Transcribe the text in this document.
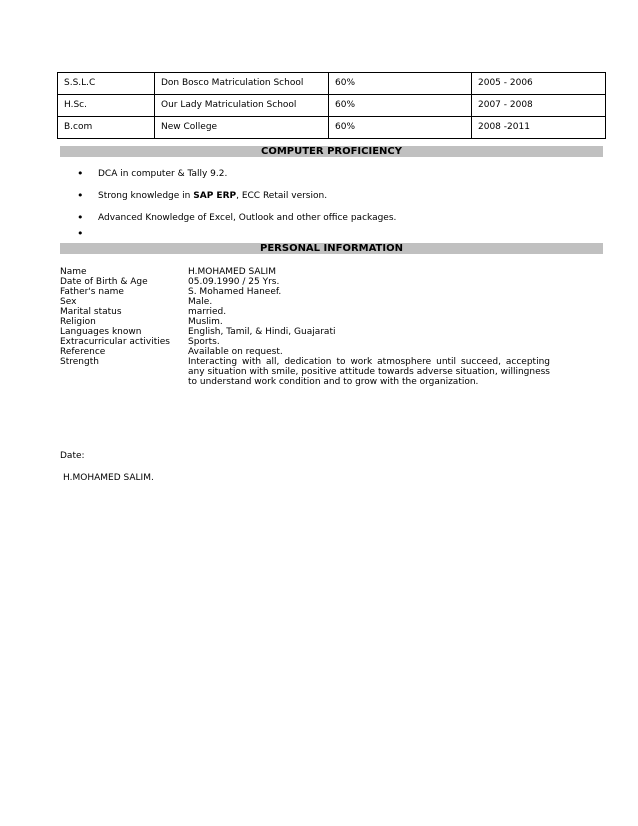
S.S.L.C	Don Bosco Matriculation School	60%	2005 - 2006
H.Sc.	Our Lady Matriculation School	60%	2007 - 2008
B.com	New College	60%	2008 -2011
COMPUTER PROFICIENCY
• DCA in computer & Tally 9.2.
• Strong knowledge in SAP ERP, ECC Retail version.
• Advanced Knowledge of Excel, Outlook and other office packages.
•
PERSONAL INFORMATION
Name	H.MOHAMED SALIM
Date of Birth & Age	05.09.1990 / 25 Yrs.
Father's name	S. Mohamed Haneef.
Sex	Male.
Marital status	married.
Religion	Muslim.
Languages known	English, Tamil, & Hindi, Guajarati
Extracurricular activities	Sports.
Reference	Available on request.
Strength	Interacting with all, dedication to work atmosphere until succeed, accepting any situation with smile, positive attitude towards adverse situation, willingness to understand work condition and to grow with the organization.
Date:
H.MOHAMED SALIM.
